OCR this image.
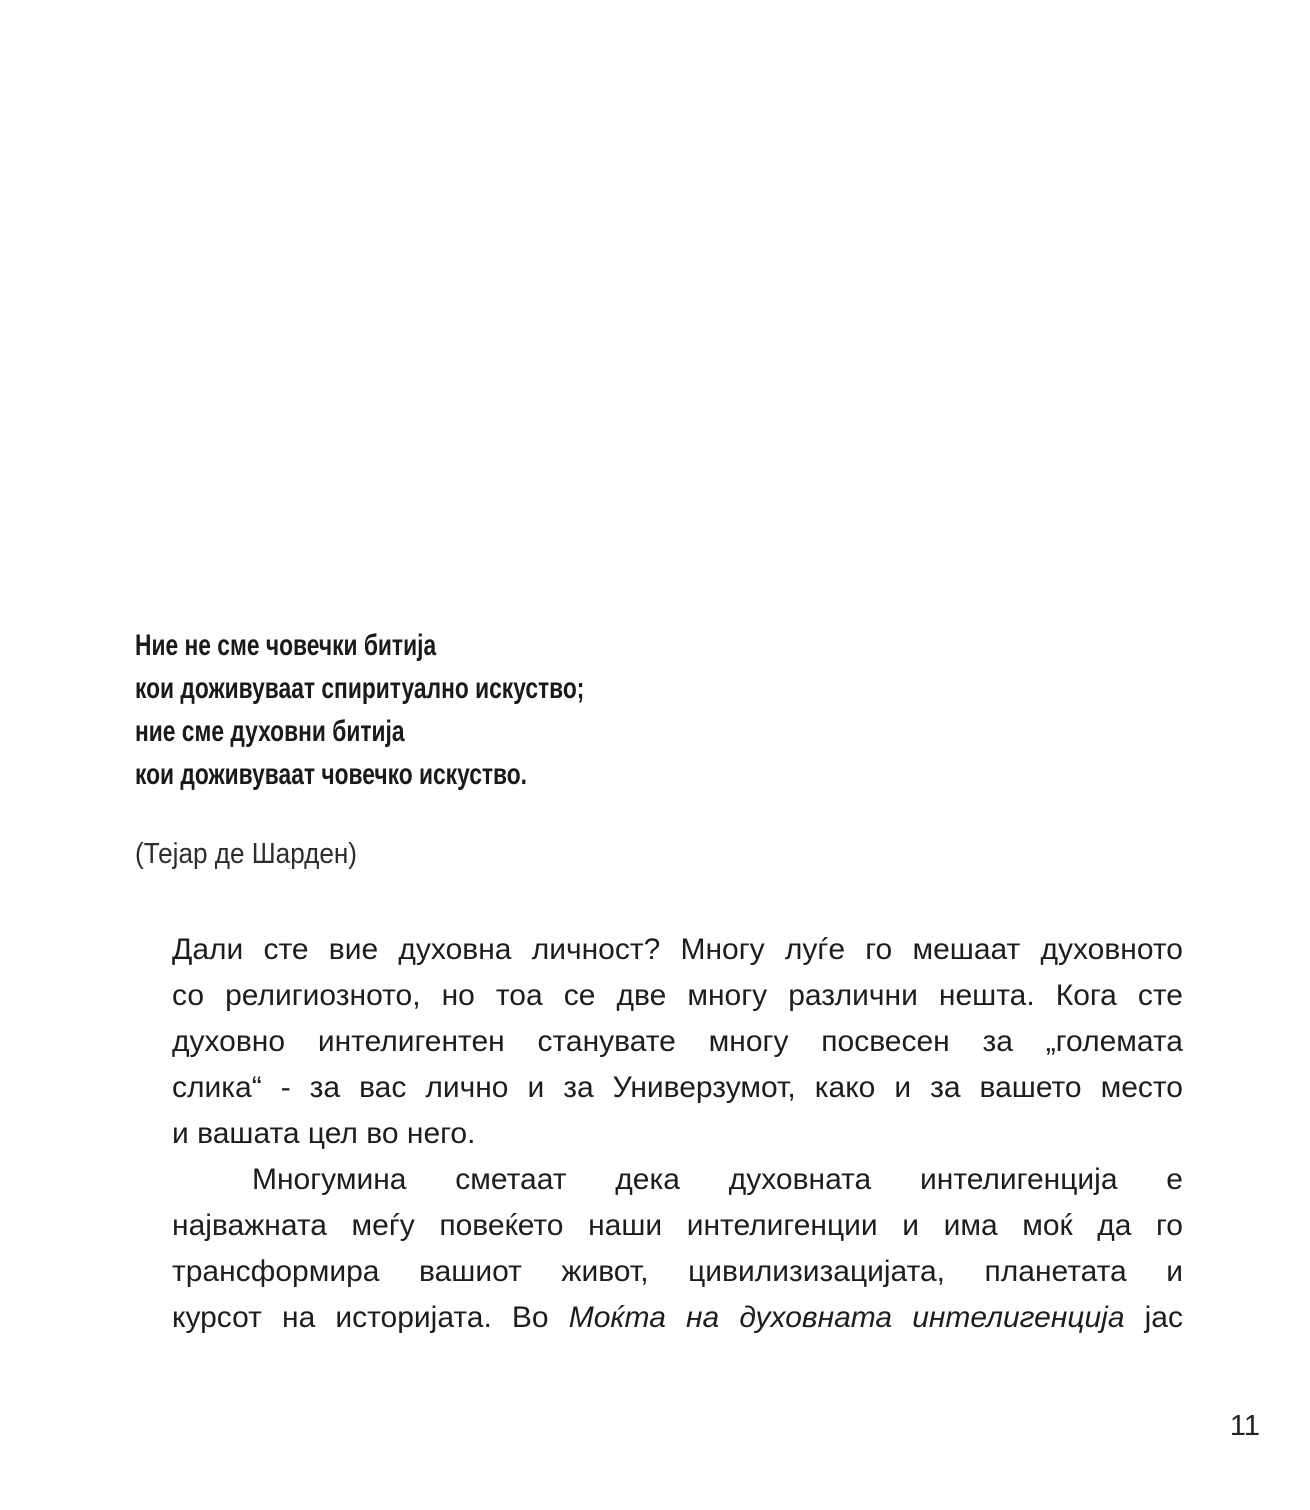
Ние не сме човечки битија
кои доживуваат спиритуално искуство;
ние сме духовни битија
кои доживуваат човечко искуство.
(Тејар де Шарден)
Дали сте вие духовна личност? Многу луѓе го мешаат духовното
со религиозното, но тоа се две многу различни нешта. Кога сте
духовно интелигентен станувате многу посвесен за „големата
слика“ - за вас лично и за Универзумот, како и за вашето место
и вашата цел во него.
Многумина сметаат дека духовната интелигенција е
најважната меѓу повеќето наши интелигенции и има моќ да го
трансформира вашиот живот, цивилизизацијата, планетата и
курсот на историјата. Во Моќта на духовната интелигенција јас
11
